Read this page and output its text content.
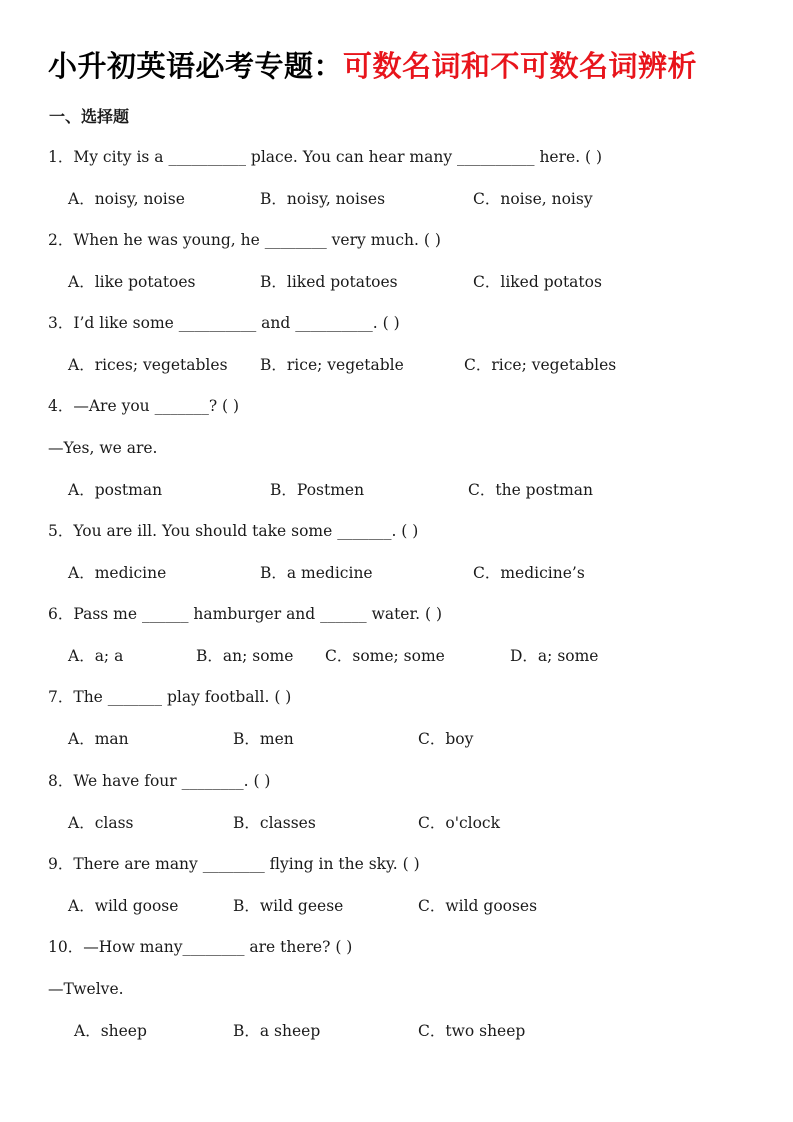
小升初英语必考专题：可数名词和不可数名词辨析
一、选择题
1．My city is a __________ place. You can hear many __________ here. ( )
A．noisy, noise	B．noisy, noises	C．noise, noisy
2．When he was young, he ________ very much. ( )
A．like potatoes	B．liked potatoes	C．liked potatos
3．I’d like some __________ and __________. ( )
A．rices; vegetables B．rice; vegetable	C．rice; vegetables
4．—Are you _______? ( )
—Yes, we are.
A．postman	B．Postmen	C．the postman
5．You are ill. You should take some _______. ( )
A．medicine	B．a medicine	C．medicine’s
6．Pass me ______ hamburger and ______ water. ( )
A．a; a	B．an; some C．some; some	D．a; some
7．The _______ play football. ( )
A．man	B．men	C．boy
8．We have four ________. ( )
A．class	B．classes	C．o'clock
9．There are many ________ flying in the sky. ( )
A．wild goose	B．wild geese	C．wild gooses
10．—How many________ are there? ( )
—Twelve.
A．sheep	B．a sheep	C．two sheep
